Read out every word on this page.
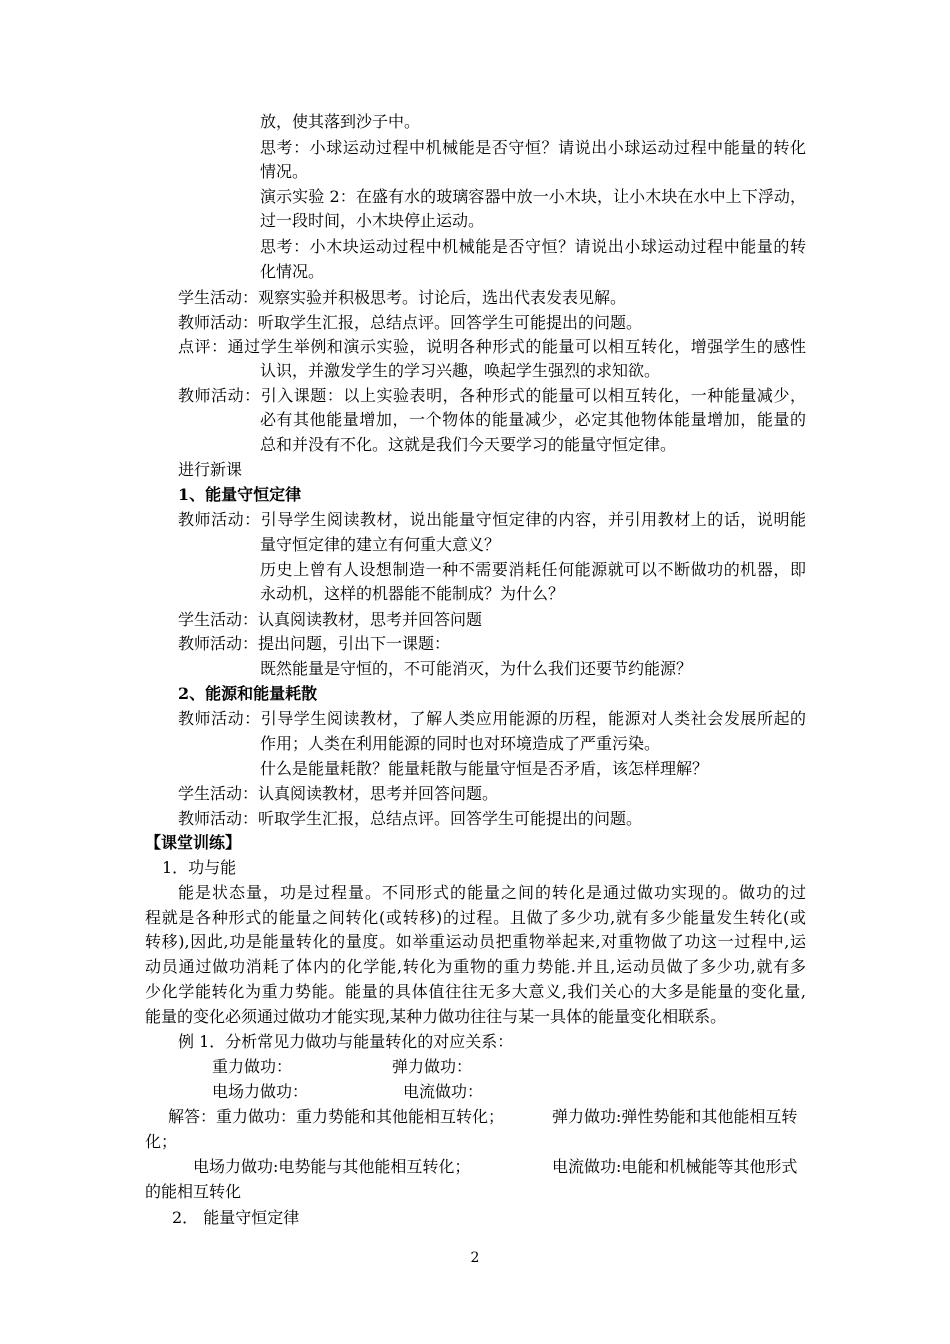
放，使其落到沙子中。
思考：小球运动过程中机械能是否守恒？请说出小球运动过程中能量的转化
情况。
演示实验 2：在盛有水的玻璃容器中放一小木块，让小木块在水中上下浮动，
过一段时间，小木块停止运动。
思考：小木块运动过程中机械能是否守恒？请说出小球运动过程中能量的转
化情况。
学生活动：观察实验并积极思考。讨论后，选出代表发表见解。
教师活动：听取学生汇报，总结点评。回答学生可能提出的问题。
点评：通过学生举例和演示实验，说明各种形式的能量可以相互转化，增强学生的感性
认识，并激发学生的学习兴趣，唤起学生强烈的求知欲。
教师活动：引入课题：以上实验表明，各种形式的能量可以相互转化，一种能量减少，
必有其他能量增加，一个物体的能量减少，必定其他物体能量增加，能量的
总和并没有不化。这就是我们今天要学习的能量守恒定律。
进行新课
1、能量守恒定律
教师活动：引导学生阅读教材，说出能量守恒定律的内容，并引用教材上的话，说明能
量守恒定律的建立有何重大意义？
历史上曾有人设想制造一种不需要消耗任何能源就可以不断做功的机器，即
永动机，这样的机器能不能制成？为什么？
学生活动：认真阅读教材，思考并回答问题
教师活动：提出问题，引出下一课题：
既然能量是守恒的，不可能消灭，为什么我们还要节约能源？
2、能源和能量耗散
教师活动：引导学生阅读教材，了解人类应用能源的历程，能源对人类社会发展所起的
作用；人类在利用能源的同时也对环境造成了严重污染。
什么是能量耗散？能量耗散与能量守恒是否矛盾，该怎样理解？
学生活动：认真阅读教材，思考并回答问题。
教师活动：听取学生汇报，总结点评。回答学生可能提出的问题。
【课堂训练】
1．功与能
能是状态量，功是过程量。不同形式的能量之间的转化是通过做功实现的。做功的过
程就是各种形式的能量之间转化(或转移)的过程。且做了多少功,就有多少能量发生转化(或
转移),因此,功是能量转化的量度。如举重运动员把重物举起来,对重物做了功这一过程中,运
动员通过做功消耗了体内的化学能,转化为重物的重力势能.并且,运动员做了多少功,就有多
少化学能转化为重力势能。能量的具体值往往无多大意义,我们关心的大多是能量的变化量,
能量的变化必须通过做功才能实现,某种力做功往往与某一具体的能量变化相联系。
例 1．分析常见力做功与能量转化的对应关系：
重力做功：	弹力做功：
电场力做功：	电流做功：
解答：重力做功：重力势能和其他能相互转化；	弹力做功:弹性势能和其他能相互转
化；
电场力做功:电势能与其他能相互转化；	电流做功:电能和机械能等其他形式
的能相互转化
2． 能量守恒定律
2
